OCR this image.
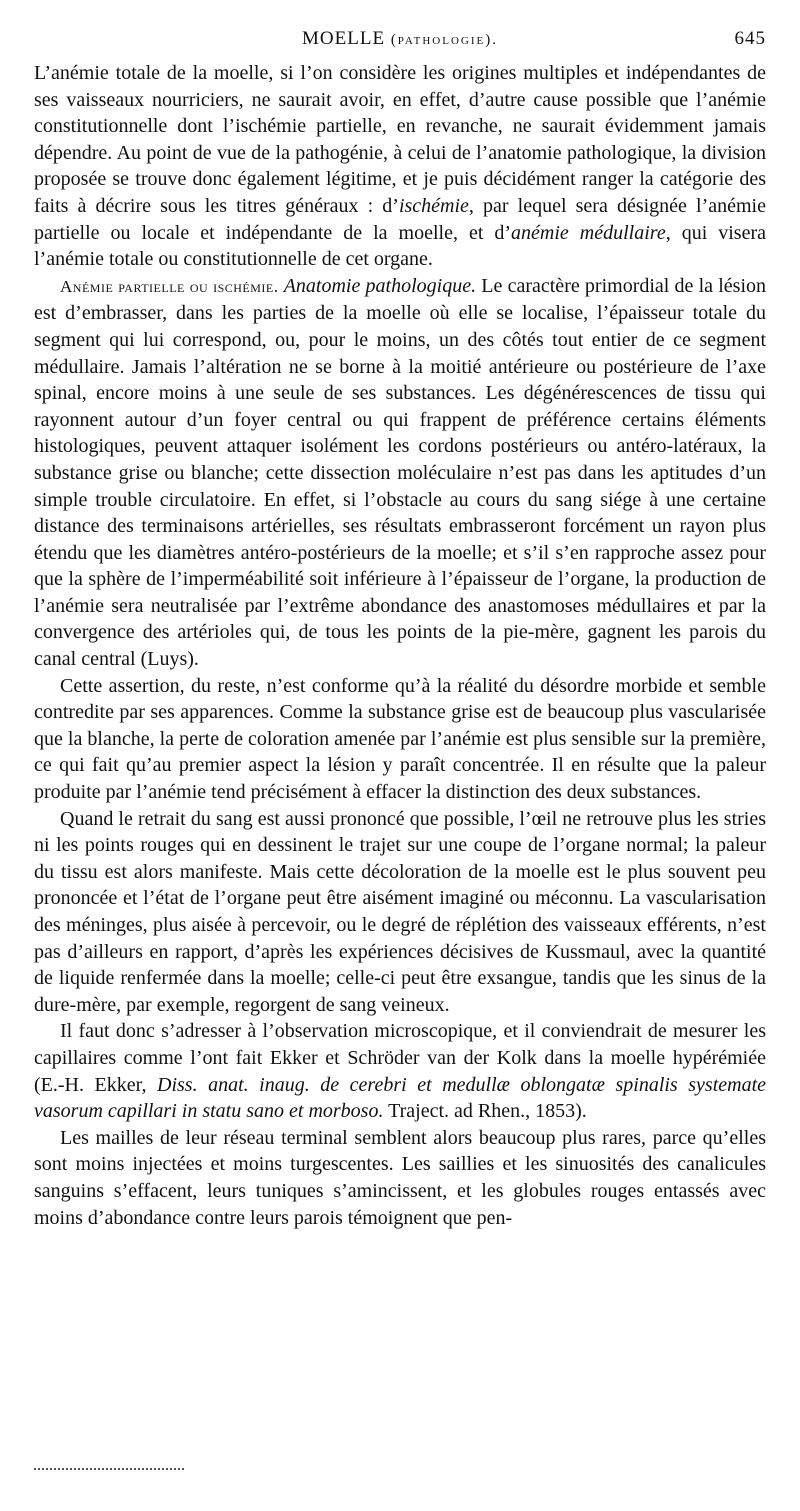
MOELLE (pathologie).	645

L’anémie totale de la moelle, si l’on considère les origines multiples et indépendantes de ses vaisseaux nourriciers, ne saurait avoir, en effet, d’autre cause possible que l’anémie constitutionnelle dont l’ischémie partielle, en revanche, ne saurait évidemment jamais dépendre. Au point de vue de la pathogénie, à celui de l’anatomie pathologique, la division proposée se trouve donc également légitime, et je puis décidément ranger la catégorie des faits à décrire sous les titres généraux : d’ischémie, par lequel sera désignée l’anémie partielle ou locale et indépendante de la moelle, et d’anémie médullaire, qui visera l’anémie totale ou constitutionnelle de cet organe.

Anémie partielle ou ischémie. Anatomie pathologique. Le caractère primordial de la lésion est d’embrasser, dans les parties de la moelle où elle se localise, l’épaisseur totale du segment qui lui correspond, ou, pour le moins, un des côtés tout entier de ce segment médullaire. Jamais l’altération ne se borne à la moitié antérieure ou postérieure de l’axe spinal, encore moins à une seule de ses substances. Les dégénérescences de tissu qui rayonnent autour d’un foyer central ou qui frappent de préférence certains éléments histologiques, peuvent attaquer isolément les cordons postérieurs ou antéro-latéraux, la substance grise ou blanche; cette dissection moléculaire n’est pas dans les aptitudes d’un simple trouble circulatoire. En effet, si l’obstacle au cours du sang siége à une certaine distance des terminaisons artérielles, ses résultats embrasseront forcément un rayon plus étendu que les diamètres antéro-postérieurs de la moelle; et s’il s’en rapproche assez pour que la sphère de l’imperméabilité soit inférieure à l’épaisseur de l’organe, la production de l’anémie sera neutralisée par l’extrême abondance des anastomoses médullaires et par la convergence des artérioles qui, de tous les points de la pie-mère, gagnent les parois du canal central (Luys).

Cette assertion, du reste, n’est conforme qu’à la réalité du désordre morbide et semble contredite par ses apparences. Comme la substance grise est de beaucoup plus vascularisée que la blanche, la perte de coloration amenée par l’anémie est plus sensible sur la première, ce qui fait qu’au premier aspect la lésion y paraît concentrée. Il en résulte que la paleur produite par l’anémie tend précisément à effacer la distinction des deux substances.

Quand le retrait du sang est aussi prononcé que possible, l’œil ne retrouve plus les stries ni les points rouges qui en dessinent le trajet sur une coupe de l’organe normal; la paleur du tissu est alors manifeste. Mais cette décoloration de la moelle est le plus souvent peu prononcée et l’état de l’organe peut être aisément imaginé ou méconnu. La vascularisation des méninges, plus aisée à percevoir, ou le degré de réplétion des vaisseaux efférents, n’est pas d’ailleurs en rapport, d’après les expériences décisives de Kussmaul, avec la quantité de liquide renfermée dans la moelle; celle-ci peut être exsangue, tandis que les sinus de la dure-mère, par exemple, regorgent de sang veineux.

Il faut donc s’adresser à l’observation microscopique, et il conviendrait de mesurer les capillaires comme l’ont fait Ekker et Schröder van der Kolk dans la moelle hypérémiée (E.-H. Ekker, Diss. anat. inaug. de cerebri et medullæ oblongatæ spinalis systemate vasorum capillari in statu sano et morboso. Traject. ad Rhen., 1853).

Les mailles de leur réseau terminal semblent alors beaucoup plus rares, parce qu’elles sont moins injectées et moins turgescentes. Les saillies et les sinuosités des canalicules sanguins s’effacent, leurs tuniques s’amincissent, et les globules rouges entassés avec moins d’abondance contre leurs parois témoignent que pen-
